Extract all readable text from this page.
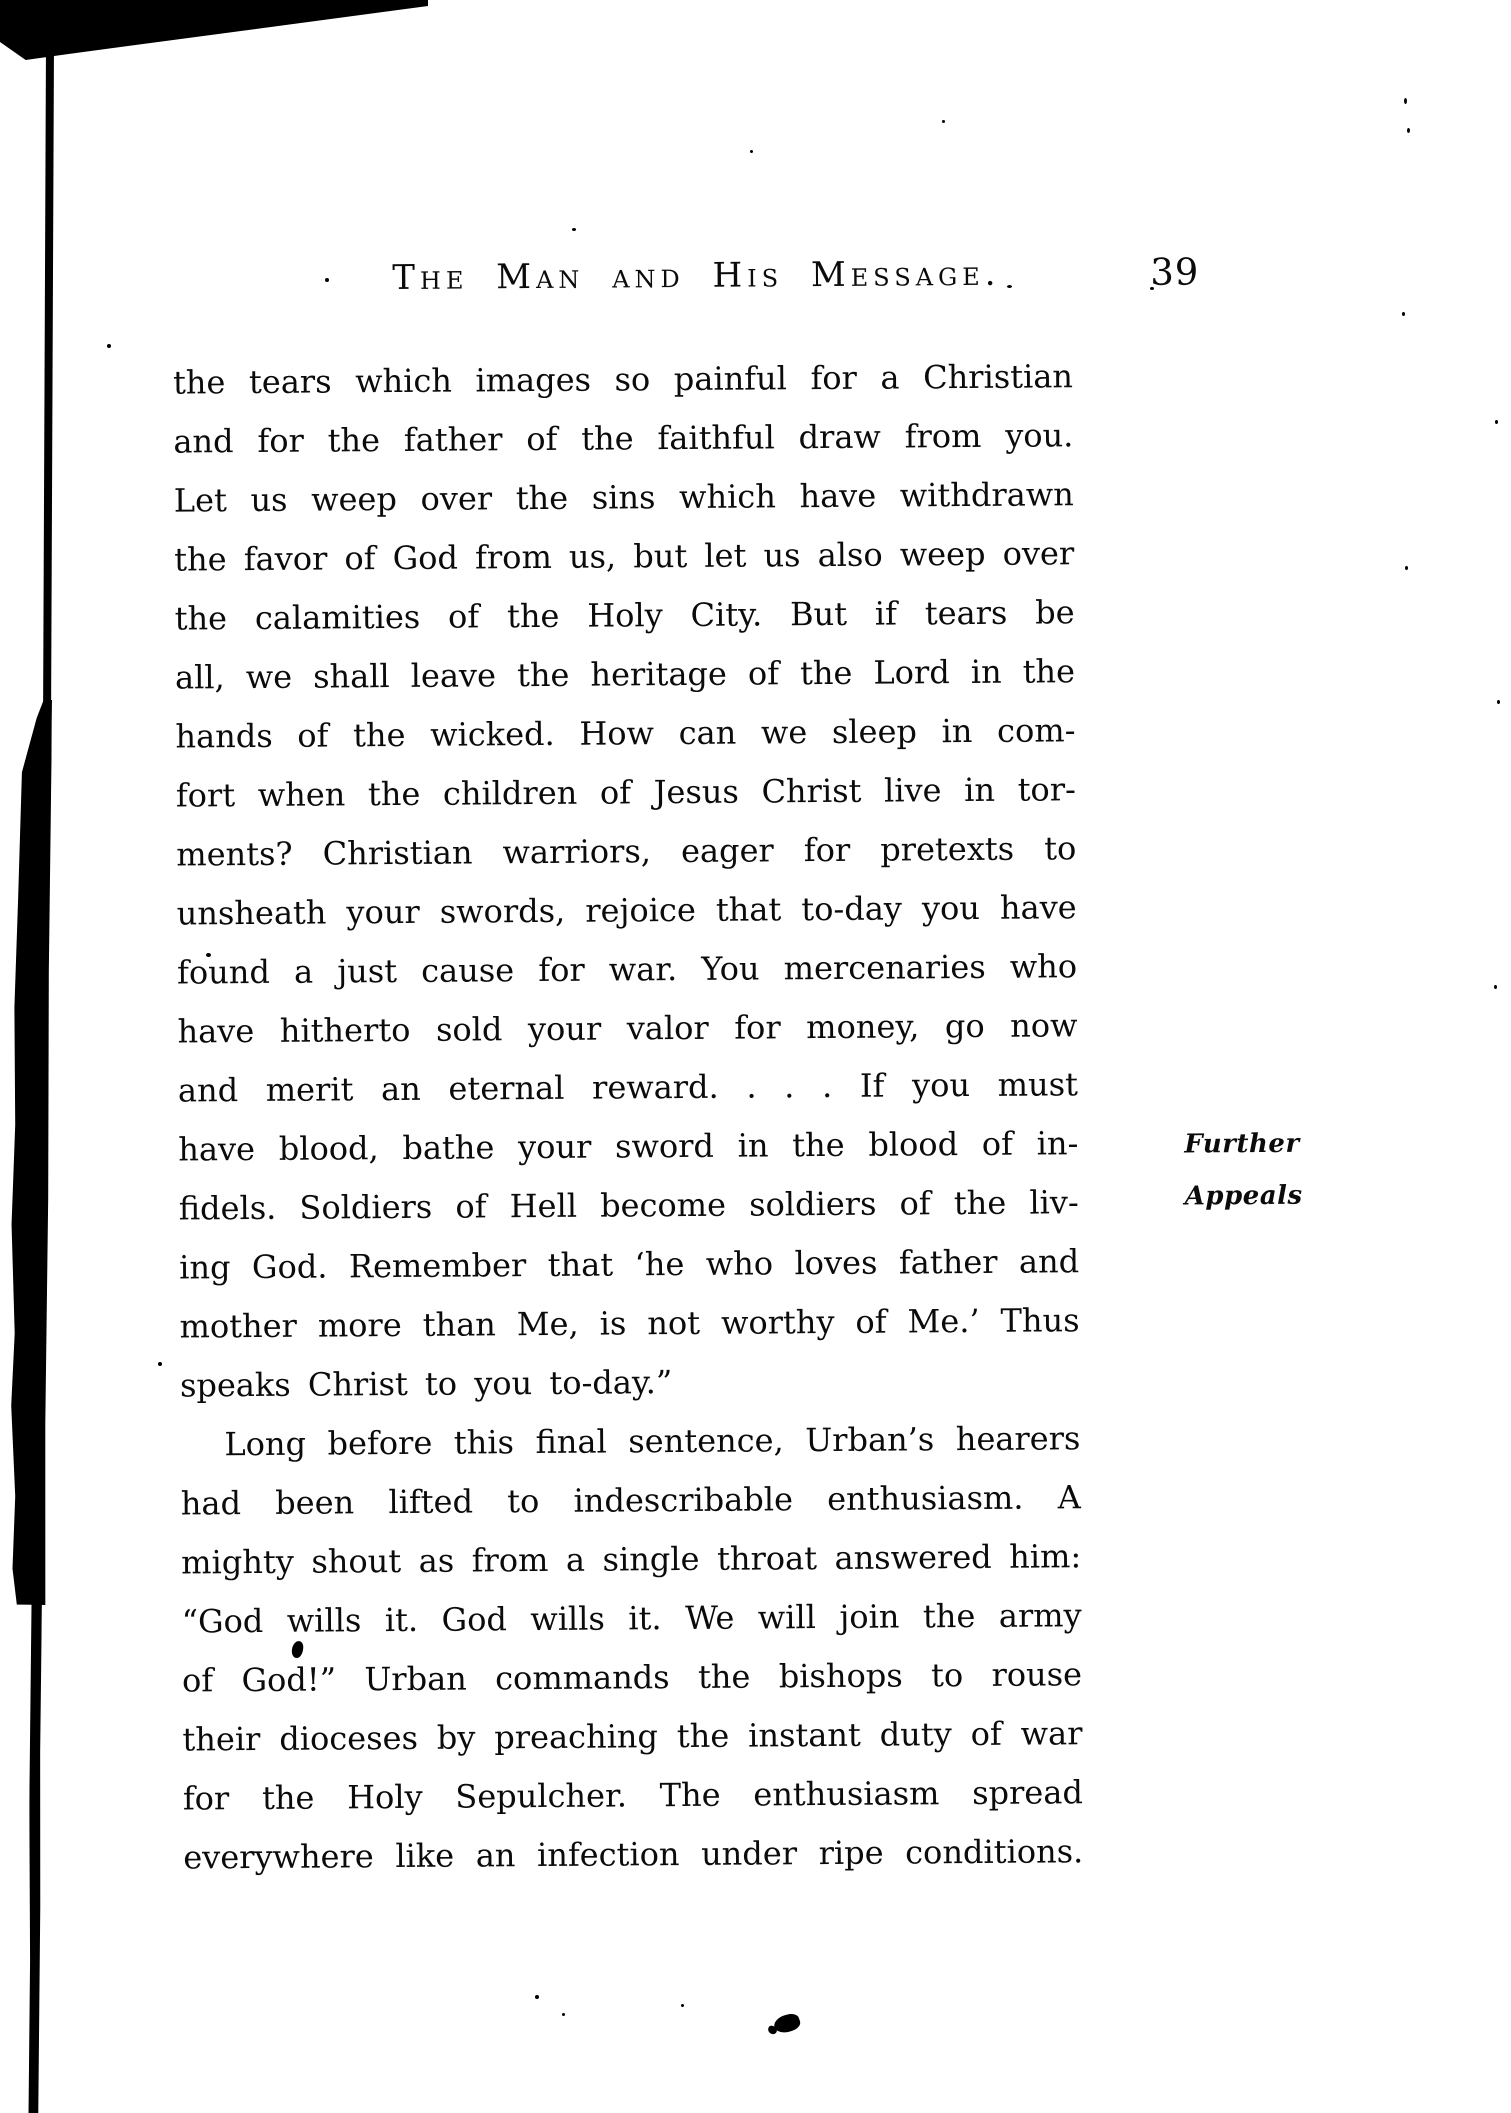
The Man and His Message.	39
the tears which images so painful for a Christian
and for the father of the faithful draw from you.
Let us weep over the sins which have withdrawn
the favor of God from us, but let us also weep over
the calamities of the Holy City. But if tears be
all, we shall leave the heritage of the Lord in the
hands of the wicked. How can we sleep in com-
fort when the children of Jesus Christ live in tor-
ments? Christian warriors, eager for pretexts to
unsheath your swords, rejoice that to-day you have
found a just cause for war. You mercenaries who
have hitherto sold your valor for money, go now
and merit an eternal reward. . . . If you must
have blood, bathe your sword in the blood of in-
fidels. Soldiers of Hell become soldiers of the liv-
ing God. Remember that ‘he who loves father and
mother more than Me, is not worthy of Me.’ Thus
speaks Christ to you to-day.”
Long before this final sentence, Urban’s hearers
had been lifted to indescribable enthusiasm. A
mighty shout as from a single throat answered him:
“God wills it. God wills it. We will join the army
of God!” Urban commands the bishops to rouse
their dioceses by preaching the instant duty of war
for the Holy Sepulcher. The enthusiasm spread
everywhere like an infection under ripe conditions.
Further
Appeals
